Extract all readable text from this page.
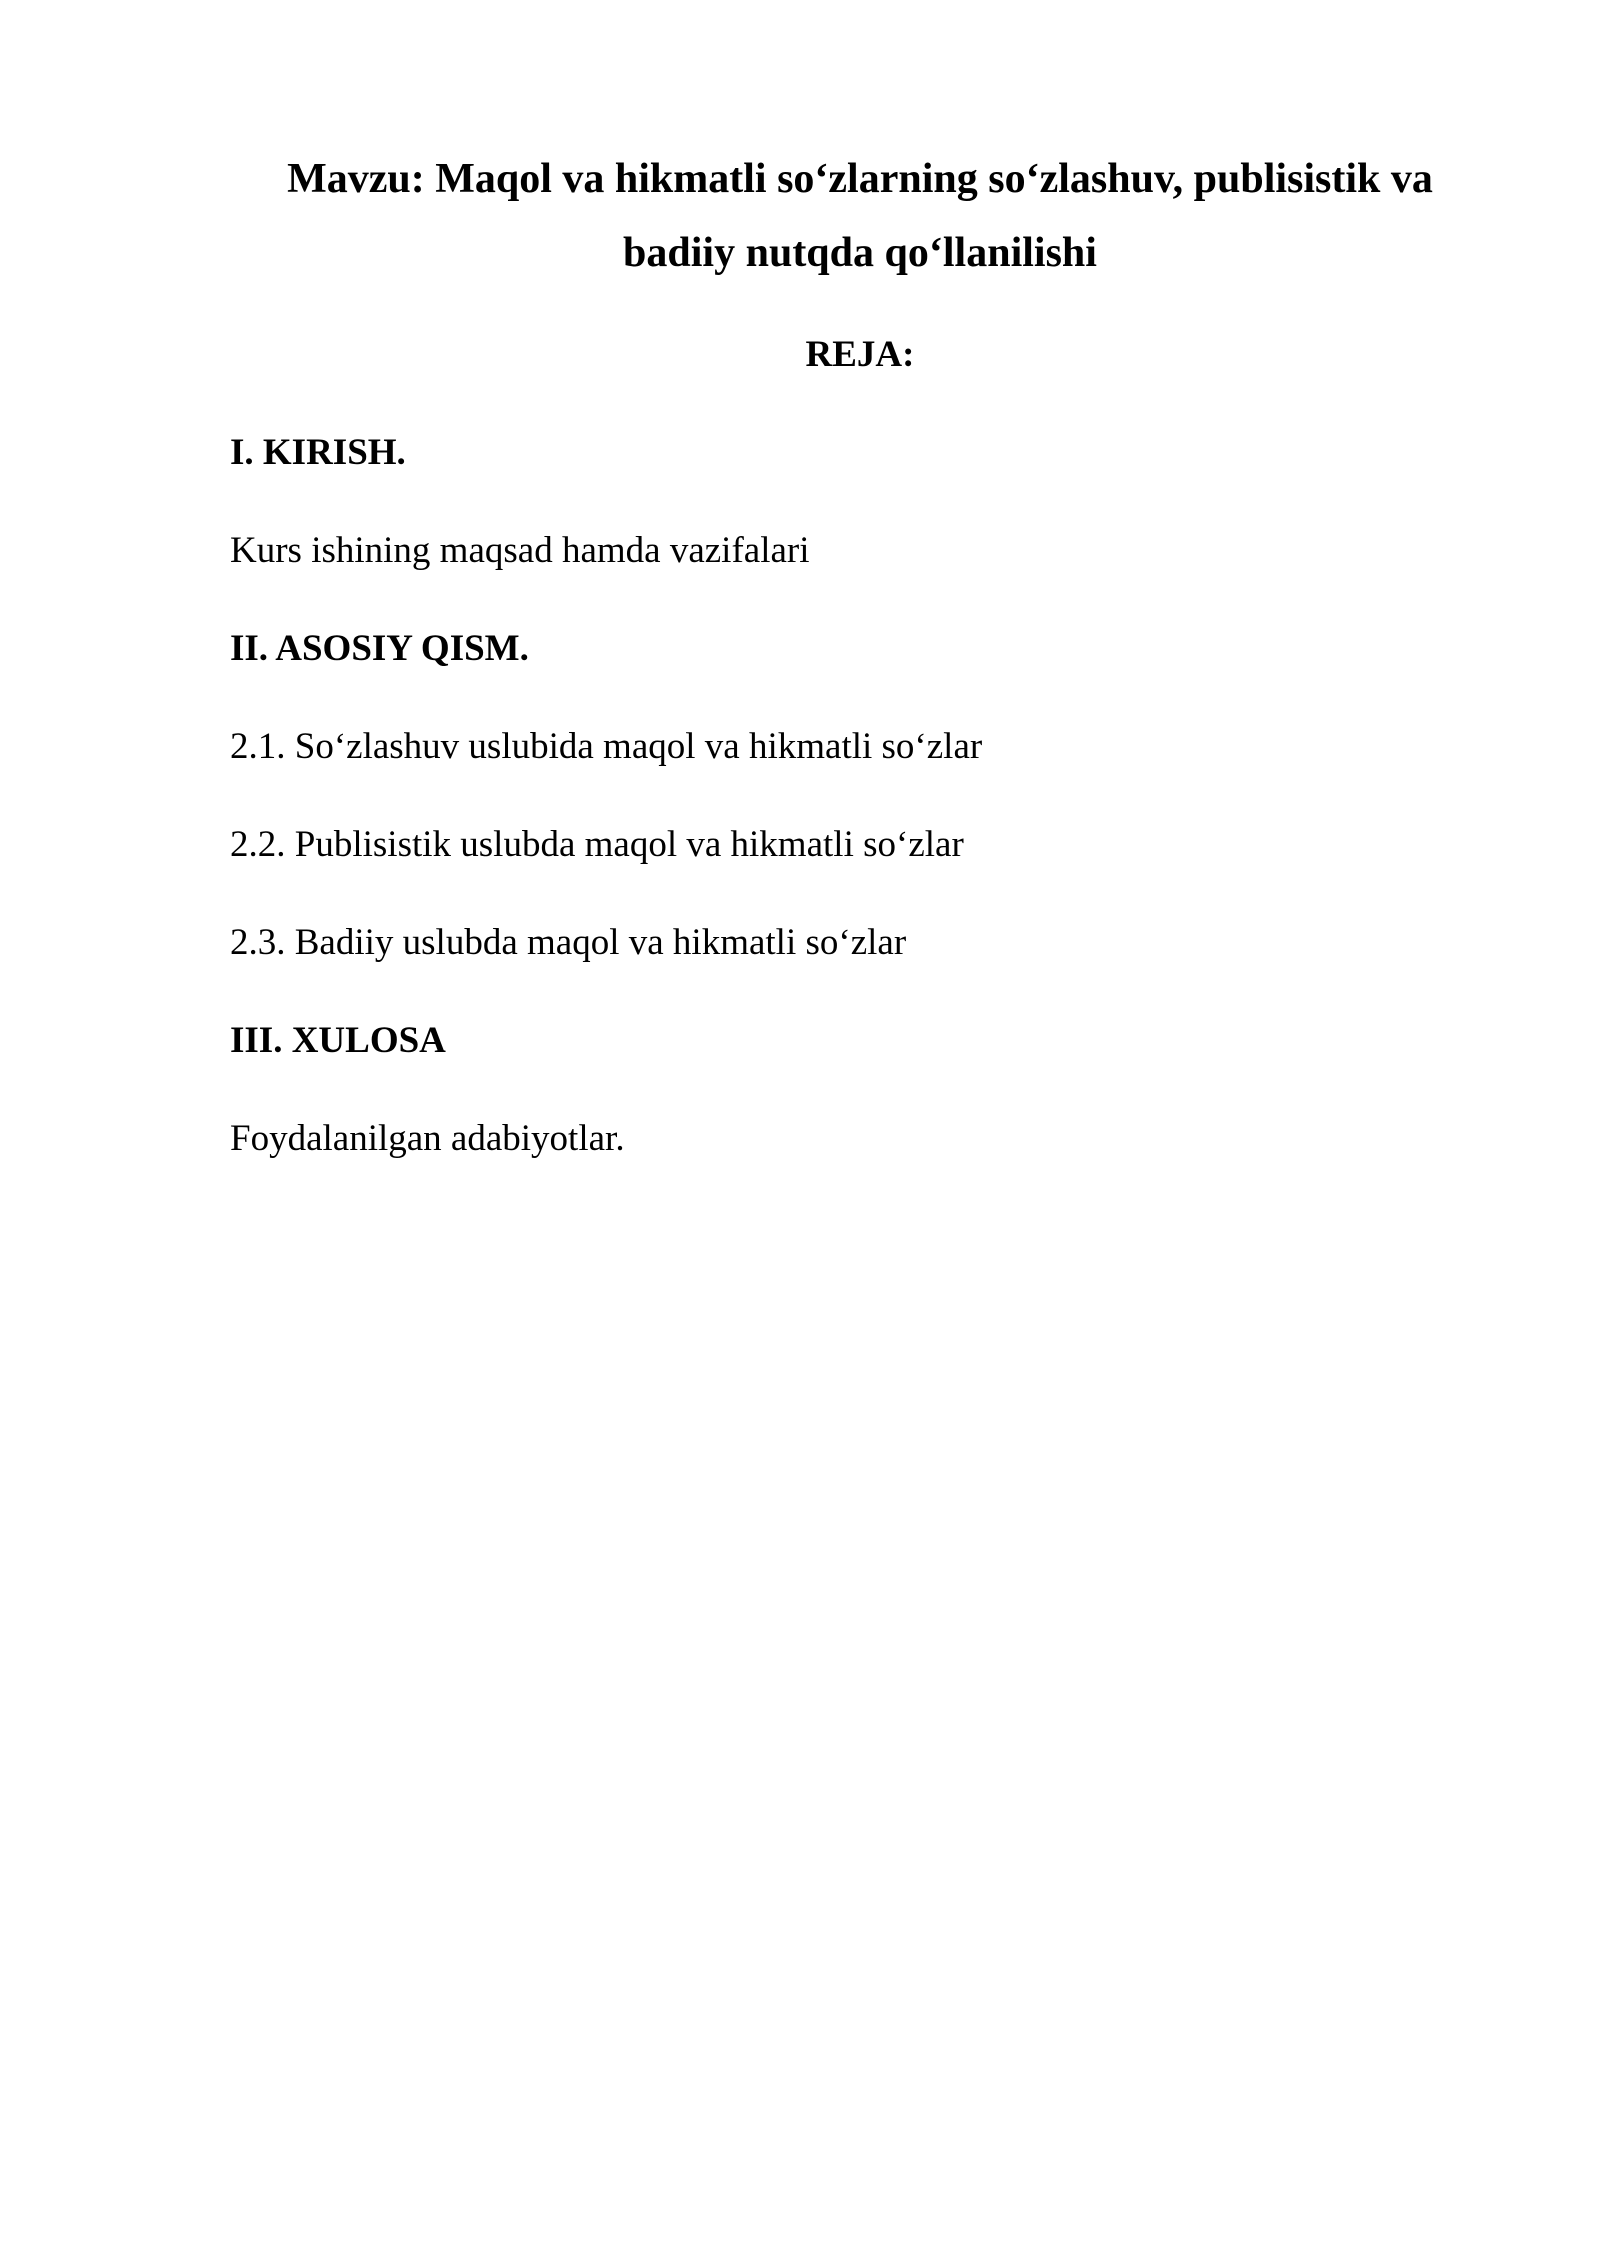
Mavzu: Maqol va hikmatli so‘zlarning so‘zlashuv, publisistik va
badiiy nutqda qo‘llanilishi
REJA:
I. KIRISH.
Kurs ishining maqsad hamda vazifalari
II. ASOSIY QISM.
2.1. So‘zlashuv uslubida maqol va hikmatli so‘zlar
2.2. Publisistik uslubda maqol va hikmatli so‘zlar
2.3. Badiiy uslubda maqol va hikmatli so‘zlar
III. XULOSA
Foydalanilgan adabiyotlar.
